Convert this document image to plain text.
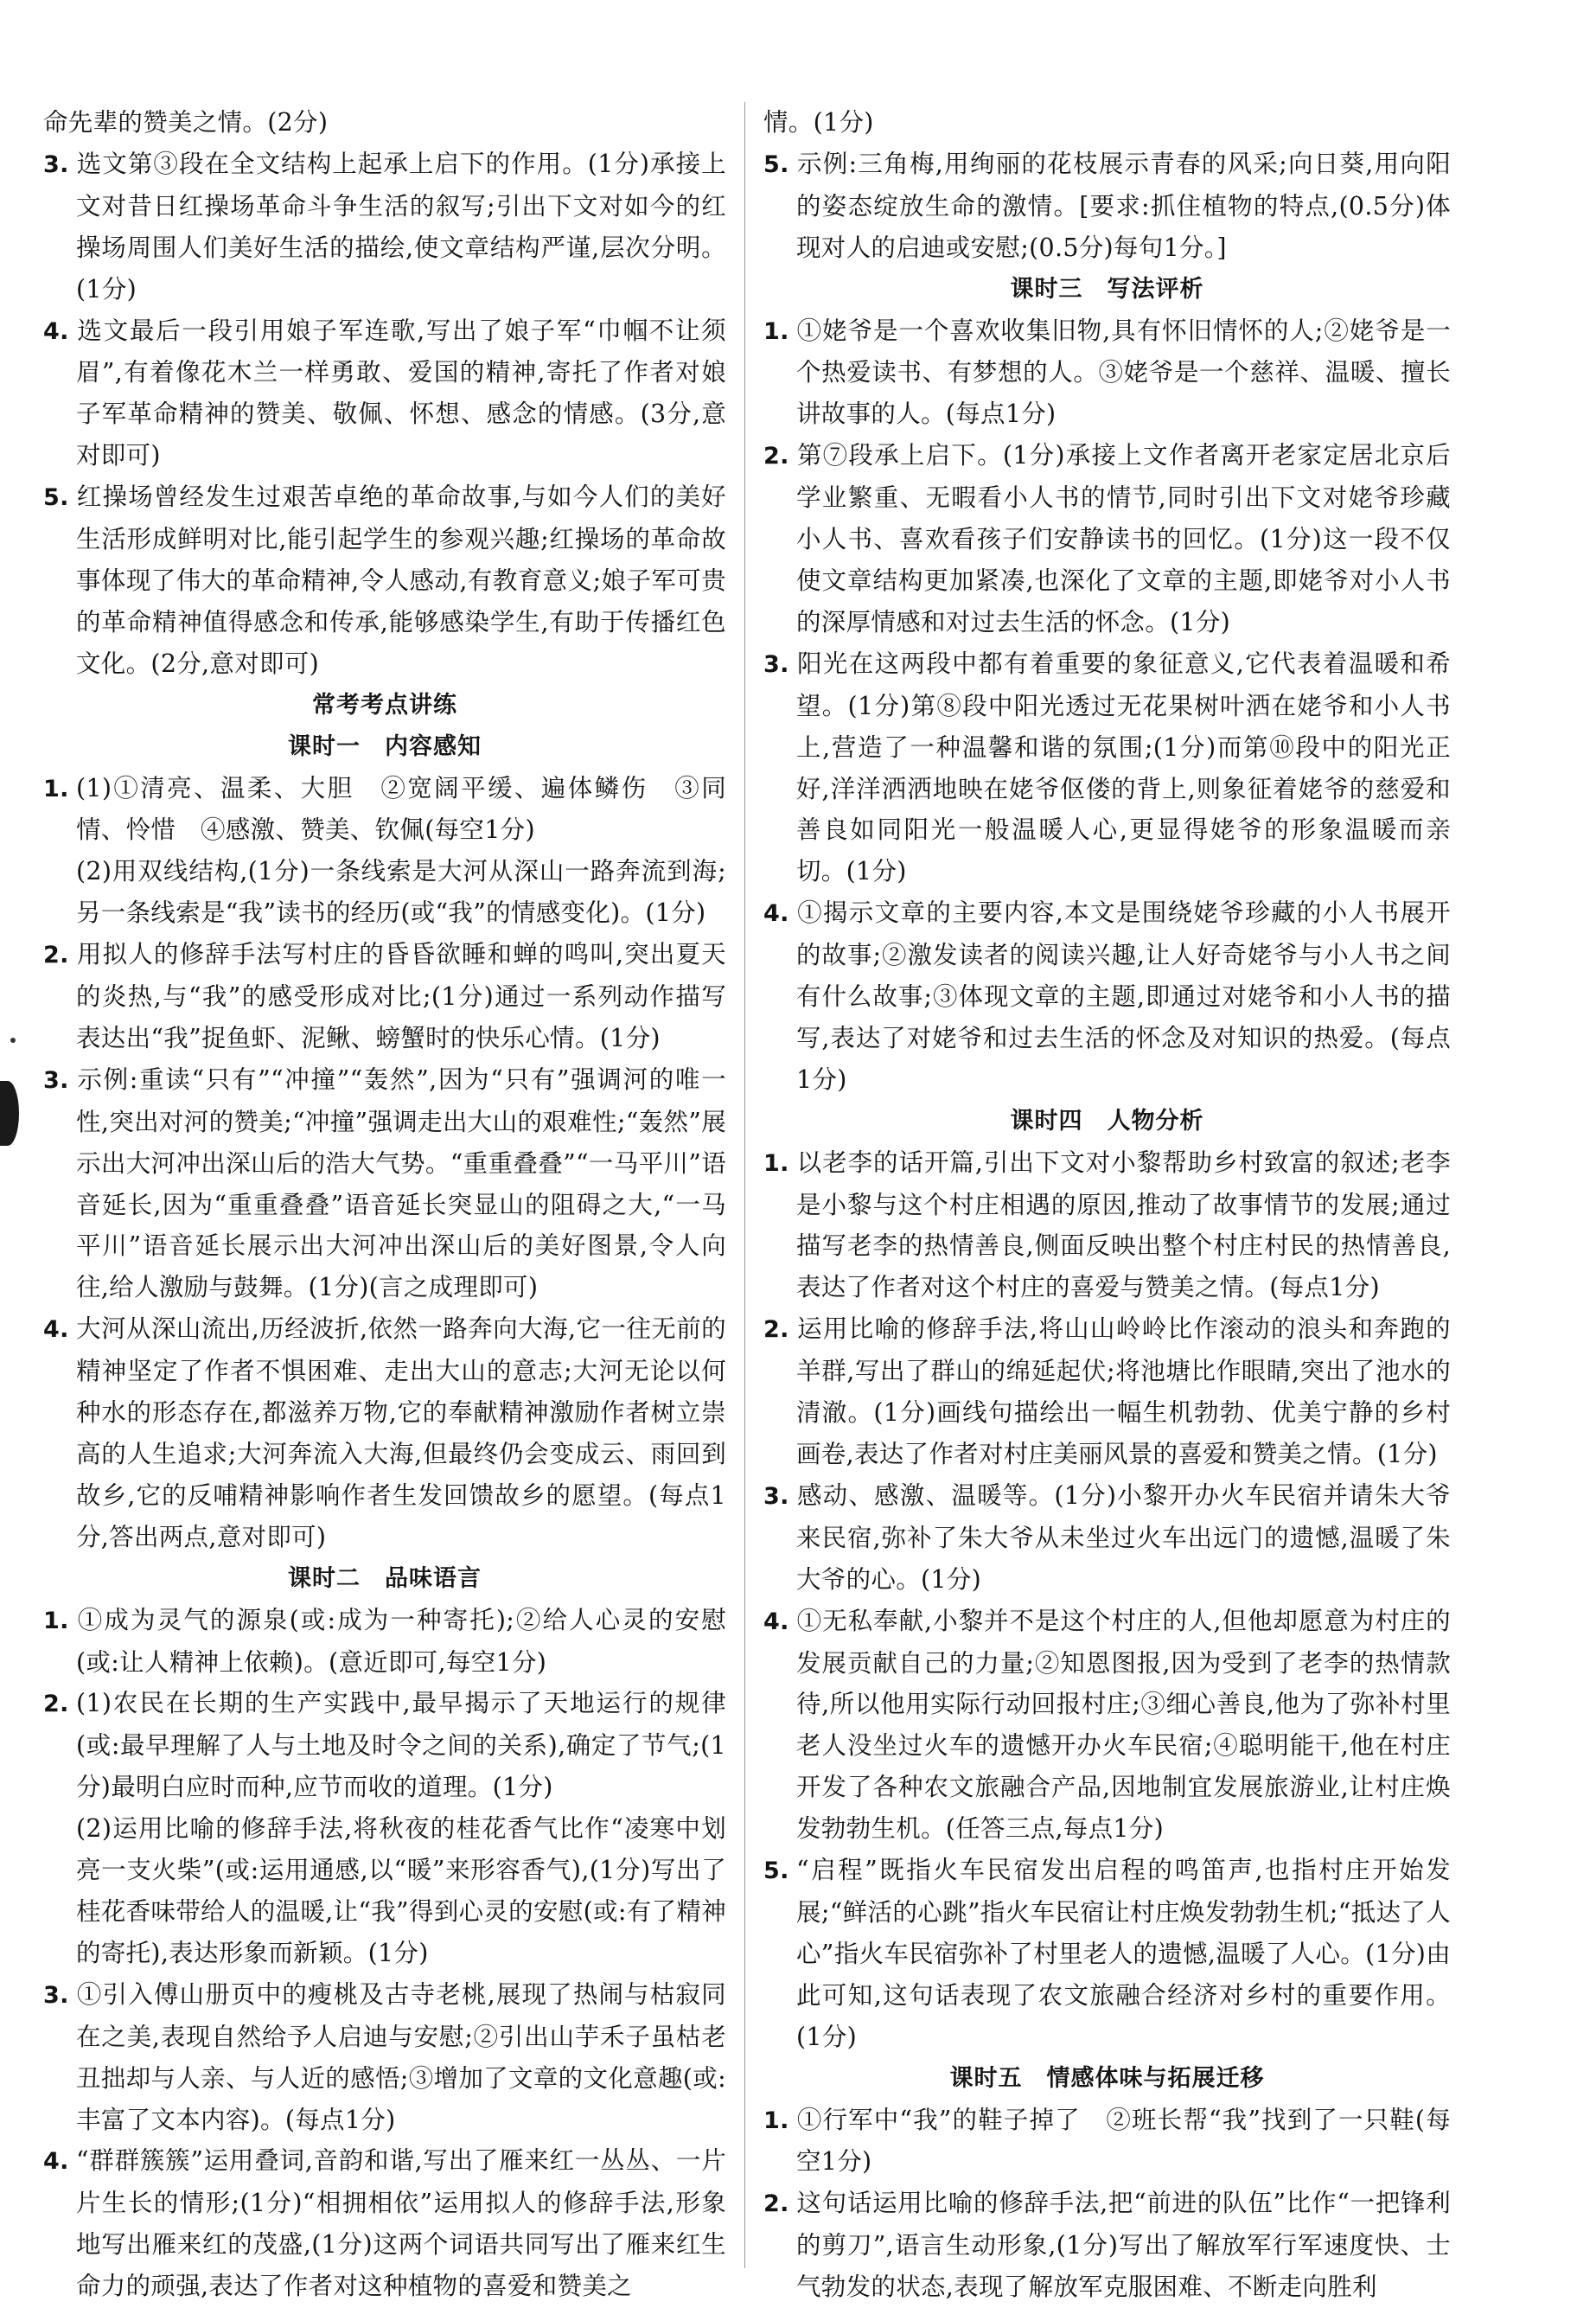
命先辈的赞美之情。(2分)

3. 选文第③段在全文结构上起承上启下的作用。(1分)承接上文对昔日红操场革命斗争生活的叙写;引出下文对如今的红操场周围人们美好生活的描绘,使文章结构严谨,层次分明。(1分)

4. 选文最后一段引用娘子军连歌,写出了娘子军“巾帼不让须眉”,有着像花木兰一样勇敢、爱国的精神,寄托了作者对娘子军革命精神的赞美、敬佩、怀想、感念的情感。(3分,意对即可)

5. 红操场曾经发生过艰苦卓绝的革命故事,与如今人们的美好生活形成鲜明对比,能引起学生的参观兴趣;红操场的革命故事体现了伟大的革命精神,令人感动,有教育意义;娘子军可贵的革命精神值得感念和传承,能够感染学生,有助于传播红色文化。(2分,意对即可)

常考考点讲练

课时一　内容感知

1. (1)①清亮、温柔、大胆　②宽阔平缓、遍体鳞伤　③同情、怜惜　④感激、赞美、钦佩(每空1分)

(2)用双线结构,(1分)一条线索是大河从深山一路奔流到海;另一条线索是“我”读书的经历(或“我”的情感变化)。(1分)

2. 用拟人的修辞手法写村庄的昏昏欲睡和蝉的鸣叫,突出夏天的炎热,与“我”的感受形成对比;(1分)通过一系列动作描写表达出“我”捉鱼虾、泥鳅、螃蟹时的快乐心情。(1分)

3. 示例:重读“只有”“冲撞”“轰然”,因为“只有”强调河的唯一性,突出对河的赞美;“冲撞”强调走出大山的艰难性;“轰然”展示出大河冲出深山后的浩大气势。“重重叠叠”“一马平川”语音延长,因为“重重叠叠”语音延长突显山的阻碍之大,“一马平川”语音延长展示出大河冲出深山后的美好图景,令人向往,给人激励与鼓舞。(1分)(言之成理即可)

4. 大河从深山流出,历经波折,依然一路奔向大海,它一往无前的精神坚定了作者不惧困难、走出大山的意志;大河无论以何种水的形态存在,都滋养万物,它的奉献精神激励作者树立崇高的人生追求;大河奔流入大海,但最终仍会变成云、雨回到故乡,它的反哺精神影响作者生发回馈故乡的愿望。(每点1分,答出两点,意对即可)

课时二　品味语言

1. ①成为灵气的源泉(或:成为一种寄托);②给人心灵的安慰(或:让人精神上依赖)。(意近即可,每空1分)

2. (1)农民在长期的生产实践中,最早揭示了天地运行的规律(或:最早理解了人与土地及时令之间的关系),确定了节气;(1分)最明白应时而种,应节而收的道理。(1分)

(2)运用比喻的修辞手法,将秋夜的桂花香气比作“凌寒中划亮一支火柴”(或:运用通感,以“暖”来形容香气),(1分)写出了桂花香味带给人的温暖,让“我”得到心灵的安慰(或:有了精神的寄托),表达形象而新颖。(1分)

3. ①引入傅山册页中的瘦桃及古寺老桃,展现了热闹与枯寂同在之美,表现自然给予人启迪与安慰;②引出山芋禾子虽枯老丑拙却与人亲、与人近的感悟;③增加了文章的文化意趣(或:丰富了文本内容)。(每点1分)

4. “群群簇簇”运用叠词,音韵和谐,写出了雁来红一丛丛、一片片生长的情形;(1分)“相拥相依”运用拟人的修辞手法,形象地写出雁来红的茂盛,(1分)这两个词语共同写出了雁来红生命力的顽强,表达了作者对这种植物的喜爱和赞美之

情。(1分)

5. 示例:三角梅,用绚丽的花枝展示青春的风采;向日葵,用向阳的姿态绽放生命的激情。[要求:抓住植物的特点,(0.5分)体现对人的启迪或安慰;(0.5分)每句1分。]

课时三　写法评析

1. ①姥爷是一个喜欢收集旧物,具有怀旧情怀的人;②姥爷是一个热爱读书、有梦想的人。③姥爷是一个慈祥、温暖、擅长讲故事的人。(每点1分)

2. 第⑦段承上启下。(1分)承接上文作者离开老家定居北京后学业繁重、无暇看小人书的情节,同时引出下文对姥爷珍藏小人书、喜欢看孩子们安静读书的回忆。(1分)这一段不仅使文章结构更加紧凑,也深化了文章的主题,即姥爷对小人书的深厚情感和对过去生活的怀念。(1分)

3. 阳光在这两段中都有着重要的象征意义,它代表着温暖和希望。(1分)第⑧段中阳光透过无花果树叶洒在姥爷和小人书上,营造了一种温馨和谐的氛围;(1分)而第⑩段中的阳光正好,洋洋洒洒地映在姥爷伛偻的背上,则象征着姥爷的慈爱和善良如同阳光一般温暖人心,更显得姥爷的形象温暖而亲切。(1分)

4. ①揭示文章的主要内容,本文是围绕姥爷珍藏的小人书展开的故事;②激发读者的阅读兴趣,让人好奇姥爷与小人书之间有什么故事;③体现文章的主题,即通过对姥爷和小人书的描写,表达了对姥爷和过去生活的怀念及对知识的热爱。(每点1分)

课时四　人物分析

1. 以老李的话开篇,引出下文对小黎帮助乡村致富的叙述;老李是小黎与这个村庄相遇的原因,推动了故事情节的发展;通过描写老李的热情善良,侧面反映出整个村庄村民的热情善良,表达了作者对这个村庄的喜爱与赞美之情。(每点1分)

2. 运用比喻的修辞手法,将山山岭岭比作滚动的浪头和奔跑的羊群,写出了群山的绵延起伏;将池塘比作眼睛,突出了池水的清澈。(1分)画线句描绘出一幅生机勃勃、优美宁静的乡村画卷,表达了作者对村庄美丽风景的喜爱和赞美之情。(1分)

3. 感动、感激、温暖等。(1分)小黎开办火车民宿并请朱大爷来民宿,弥补了朱大爷从未坐过火车出远门的遗憾,温暖了朱大爷的心。(1分)

4. ①无私奉献,小黎并不是这个村庄的人,但他却愿意为村庄的发展贡献自己的力量;②知恩图报,因为受到了老李的热情款待,所以他用实际行动回报村庄;③细心善良,他为了弥补村里老人没坐过火车的遗憾开办火车民宿;④聪明能干,他在村庄开发了各种农文旅融合产品,因地制宜发展旅游业,让村庄焕发勃勃生机。(任答三点,每点1分)

5. “启程”既指火车民宿发出启程的鸣笛声,也指村庄开始发展;“鲜活的心跳”指火车民宿让村庄焕发勃勃生机;“抵达了人心”指火车民宿弥补了村里老人的遗憾,温暖了人心。(1分)由此可知,这句话表现了农文旅融合经济对乡村的重要作用。(1分)

课时五　情感体味与拓展迁移

1. ①行军中“我”的鞋子掉了　②班长帮“我”找到了一只鞋(每空1分)

2. 这句话运用比喻的修辞手法,把“前进的队伍”比作“一把锋利的剪刀”,语言生动形象,(1分)写出了解放军行军速度快、士气勃发的状态,表现了解放军克服困难、不断走向胜利
